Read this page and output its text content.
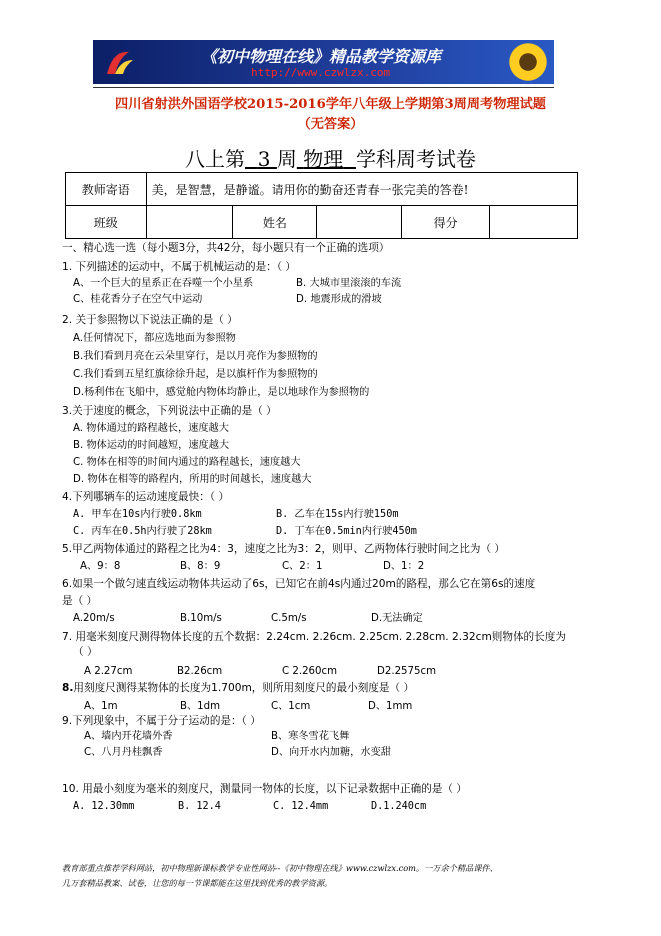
《初中物理在线》精品教学资源库
http://www.czwlzx.com
四川省射洪外国语学校2015-2016学年八年级上学期第3周周考物理试题
（无答案）
八上第 3 周 物理 学科周考试卷
教师寄语	美，是智慧，是静谧。请用你的勤奋还青春一张完美的答卷!				
班级		姓名		得分	
一、精心选一选（每小题3分，共42分，每小题只有一个正确的选项）
1. 下列描述的运动中，不属于机械运动的是：（ ）
A、一个巨大的星系正在吞噬一个小星系	B. 大城市里滚滚的车流
C、桂花香分子在空气中运动	D. 地震形成的滑坡
2. 关于参照物以下说法正确的是（ ）
A.任何情况下，都应选地面为参照物
B.我们看到月亮在云朵里穿行，是以月亮作为参照物的
C.我们看到五星红旗徐徐升起，是以旗杆作为参照物的
D.杨利伟在飞船中，感觉舱内物体均静止，是以地球作为参照物的
3.关于速度的概念，下列说法中正确的是（ ）
A. 物体通过的路程越长，速度越大
B. 物体运动的时间越短，速度越大
C. 物体在相等的时间内通过的路程越长，速度越大
D. 物体在相等的路程内，所用的时间越长，速度越大
4.下列哪辆车的运动速度最快：（ ）
A. 甲车在10s内行驶0.8km	B. 乙车在15s内行驶150m
C. 丙车在0.5h内行驶了28km	D. 丁车在0.5min内行驶450m
5.甲乙两物体通过的路程之比为4：3，速度之比为3：2，则甲、乙两物体行驶时间之比为（ ）
A、9：8	B、8：9	C、2：1	D、1：2
6.如果一个做匀速直线运动物体共运动了6s，已知它在前4s内通过20m的路程，那么它在第6s的速度
是（ ）
A.20m/s	B.10m/s	C.5m/s	D.无法确定
7. 用毫米刻度尺测得物体长度的五个数据：2.24cm. 2.26cm. 2.25cm. 2.28cm. 2.32cm则物体的长度为
（ ）
A 2.27cm	B2.26cm	C 2.260cm	D2.2575cm
8.用刻度尺测得某物体的长度为1.700m，则所用刻度尺的最小刻度是（ ）
A、1m	B、1dm	C、1cm	D、1mm
9.下列现象中，不属于分子运动的是：（ ）
A、墙内开花墙外香	B、寒冬雪花飞舞
C、八月丹桂飘香	D、向开水内加糖，水变甜
10. 用最小刻度为毫米的刻度尺，测量同一物体的长度，以下记录数据中正确的是（ ）
A. 12.30mm	B. 12.4	C. 12.4mm	D.1.240cm
教育部重点推荐学科网站，初中物理新课标教学专业性网站--《初中物理在线》www.czwlzx.com。一万余个精品课件、
几万套精品教案、试卷，让您的每一节课都能在这里找到优秀的教学资源。
